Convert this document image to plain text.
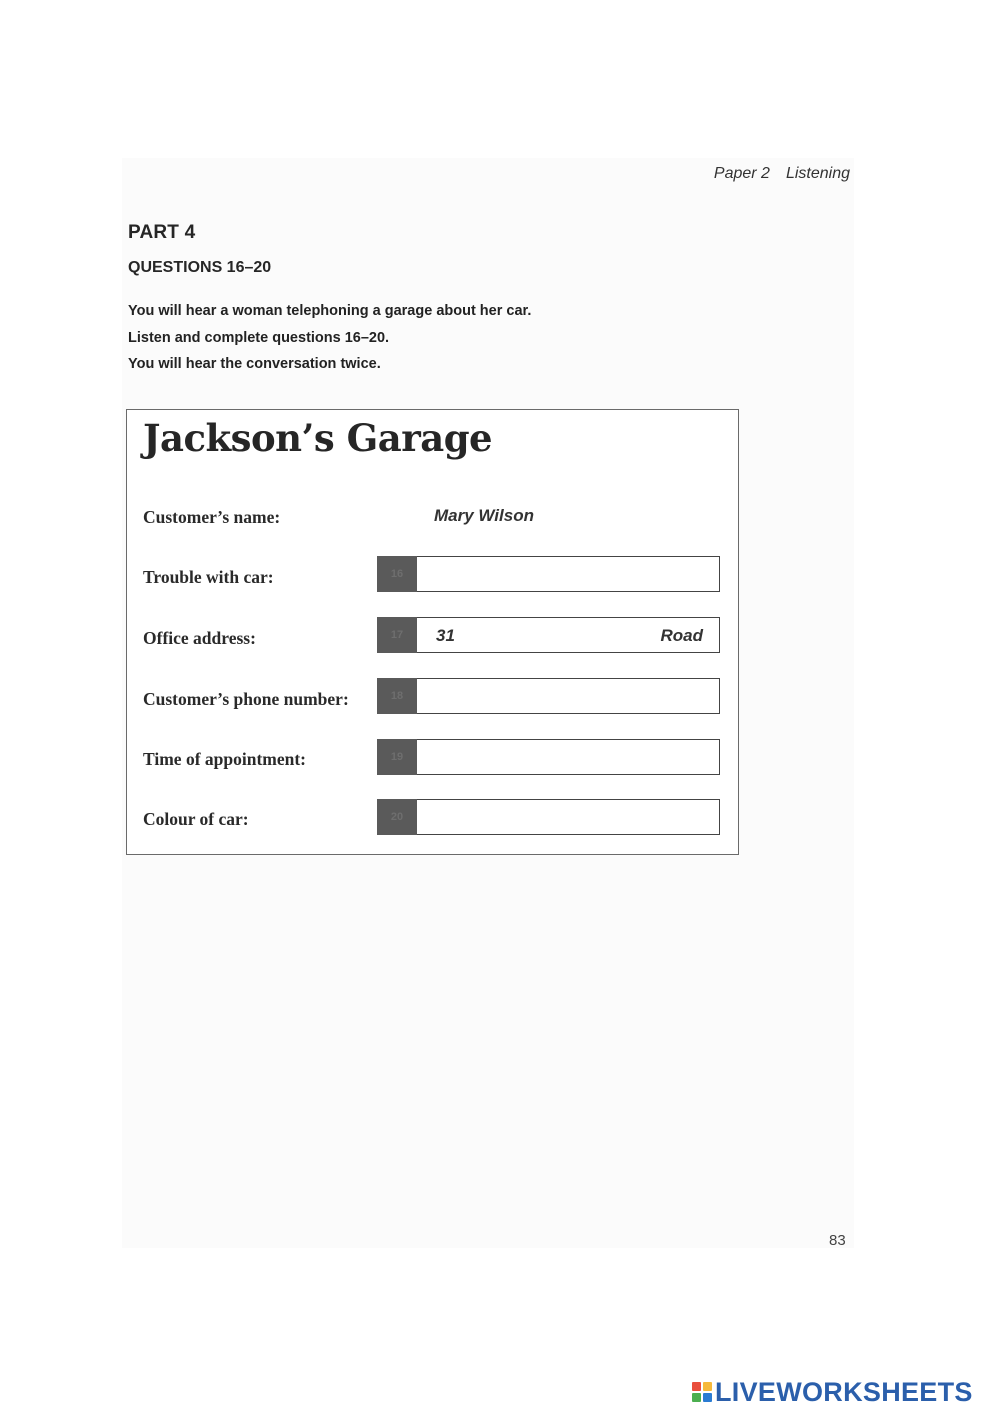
Paper 2 Listening
PART 4
QUESTIONS 16–20
You will hear a woman telephoning a garage about her car.
Listen and complete questions 16–20.
You will hear the conversation twice.
Jackson’s Garage
Customer’s name:	Mary Wilson
Trouble with car:	16
Office address:	17	31	Road
Customer’s phone number:	18
Time of appointment:	19
Colour of car:	20
83
LIVEWORKSHEETS
